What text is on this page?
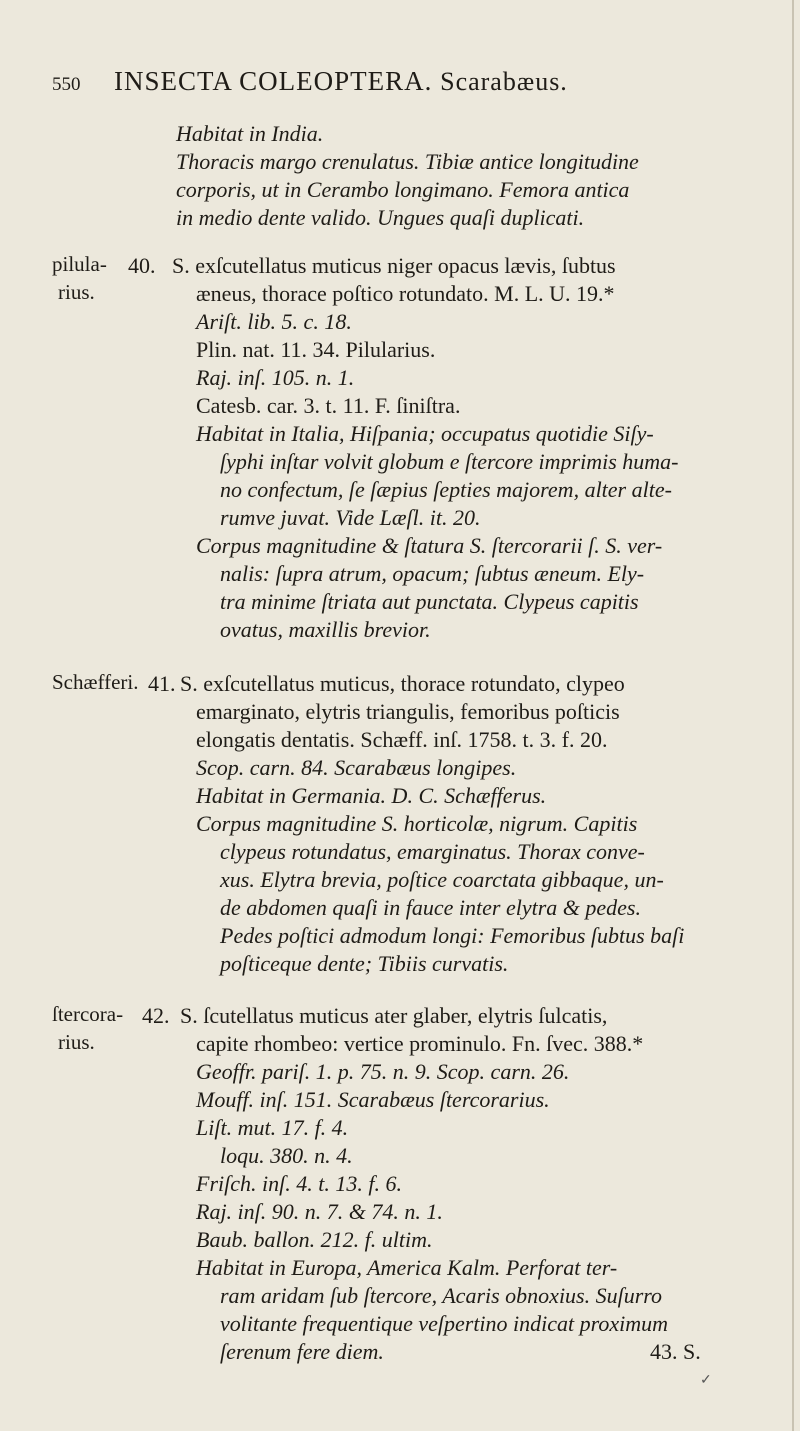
550 INSECTA COLEOPTERA. Scarabæus.
Habitat in India.
Thoracis margo crenulatus. Tibiæ antice longitudine
corporis, ut in Cerambo longimano. Femora antica
in medio dente valido. Ungues quaſi duplicati.
pilula-
rius.
40. S. exſcutellatus muticus niger opacus lævis, ſubtus
æneus, thorace poſtico rotundato. M. L. U. 19.*
Ariſt. lib. 5. c. 18.
Plin. nat. 11. 34. Pilularius.
Raj. inſ. 105. n. 1.
Catesb. car. 3. t. 11. F. ſiniſtra.
Habitat in Italia, Hiſpania; occupatus quotidie Siſy-
ſyphi inſtar volvit globum e ſtercore imprimis huma-
no confectum, ſe ſæpius ſepties majorem, alter alte-
rumve juvat. Vide Læſl. it. 20.
Corpus magnitudine & ſtatura S. ſtercorarii ſ. S. ver-
nalis: ſupra atrum, opacum; ſubtus æneum. Ely-
tra minime ſtriata aut punctata. Clypeus capitis
ovatus, maxillis brevior.
Schæfferi. 41. S. exſcutellatus muticus, thorace rotundato, clypeo
emarginato, elytris triangulis, femoribus poſticis
elongatis dentatis. Schæff. inſ. 1758. t. 3. f. 20.
Scop. carn. 84. Scarabæus longipes.
Habitat in Germania. D. C. Schæfferus.
Corpus magnitudine S. horticolæ, nigrum. Capitis
clypeus rotundatus, emarginatus. Thorax conve-
xus. Elytra brevia, poſtice coarctata gibbaque, un-
de abdomen quaſi in fauce inter elytra & pedes.
Pedes poſtici admodum longi: Femoribus ſubtus baſi
poſticeque dente; Tibiis curvatis.
ſtercora-
rius.
42. S. ſcutellatus muticus ater glaber, elytris ſulcatis,
capite rhombeo: vertice prominulo. Fn. ſvec. 388.*
Geoffr. pariſ. 1. p. 75. n. 9. Scop. carn. 26.
Mouff. inſ. 151. Scarabæus ſtercorarius.
Liſt. mut. 17. f. 4.
loqu. 380. n. 4.
Friſch. inſ. 4. t. 13. f. 6.
Raj. inſ. 90. n. 7. & 74. n. 1.
Baub. ballon. 212. f. ultim.
Habitat in Europa, America Kalm. Perforat ter-
ram aridam ſub ſtercore, Acaris obnoxius. Suſurro
volitante frequentique veſpertino indicat proximum
ſerenum fere diem.	43. S.
✓
